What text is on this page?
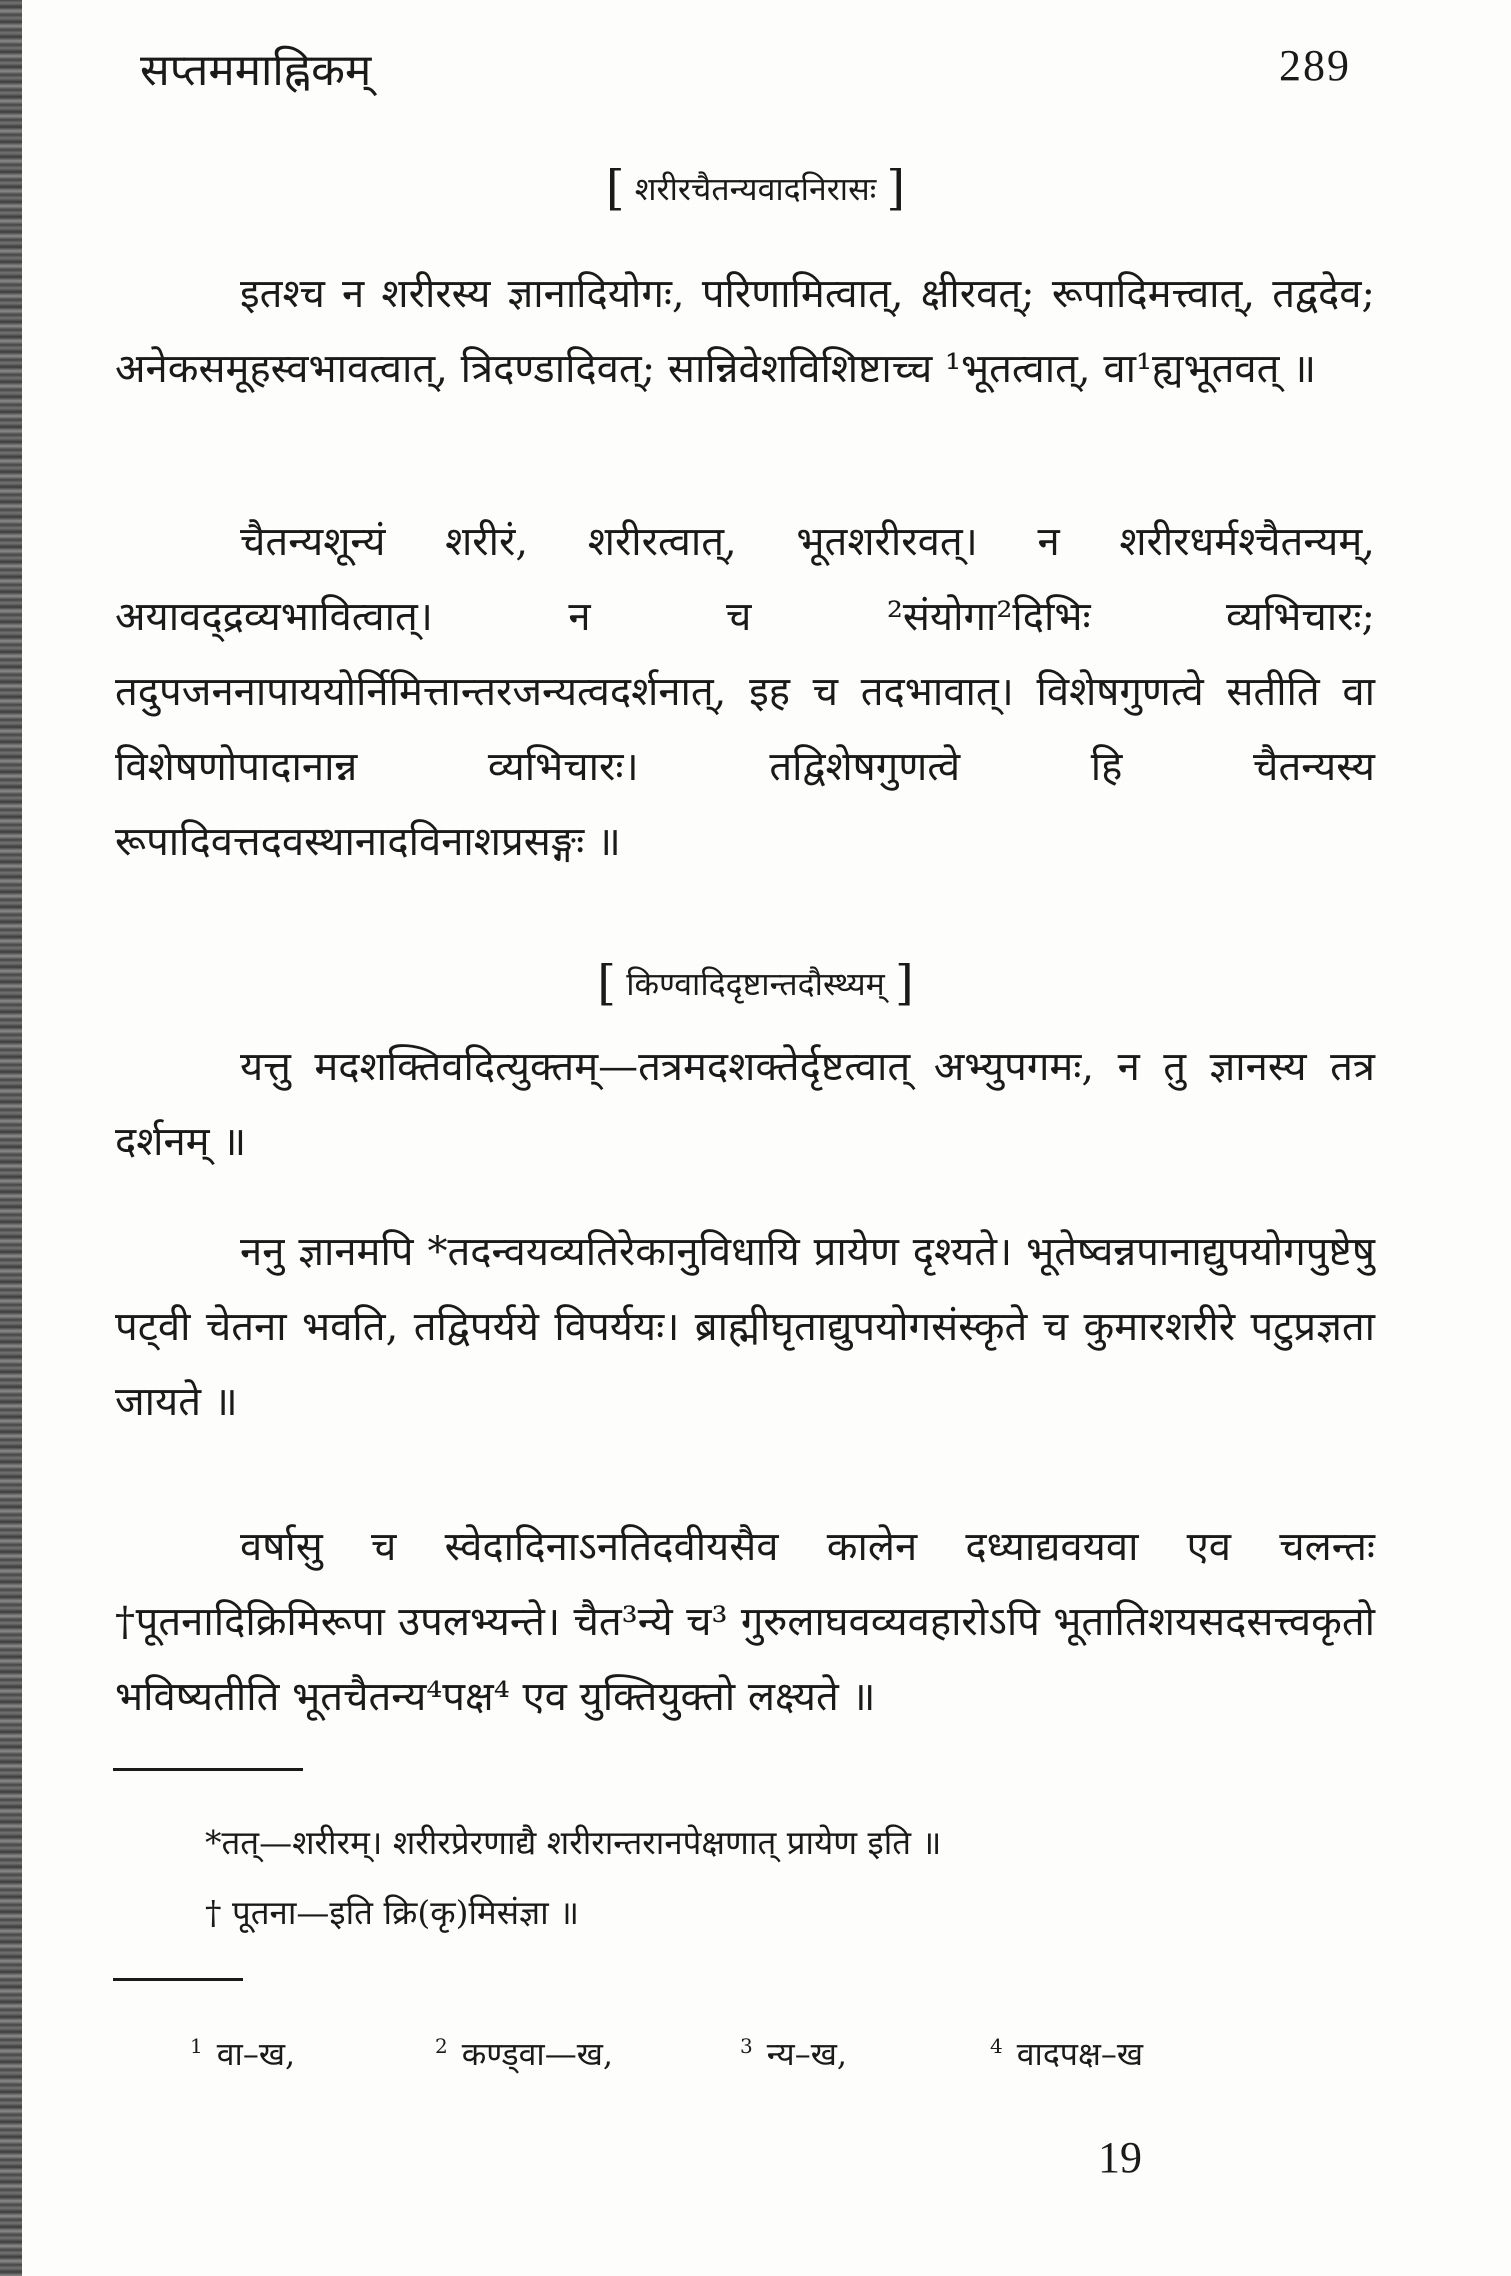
सप्तममाह्निकम्	289
[ शरीरचैतन्यवादनिरासः ]
इतश्च न शरीरस्य ज्ञानादियोगः, परिणामित्वात्, क्षीरवत्; रूपादिमत्त्वात्, तद्वदेव; अनेकसमूहस्वभावत्वात्, त्रिदण्डादिवत्; सान्निवेशविशिष्टाच्च ¹भूतत्वात्, वा¹ह्यभूतवत् ॥
चैतन्यशून्यं शरीरं, शरीरत्वात्, भूतशरीरवत्। न शरीरधर्मश्चैतन्यम्, अयावद्द्रव्यभावित्वात्। न च ²संयोगा²दिभिः व्यभिचारः; तदुपजननापाययोर्निमित्तान्तरजन्यत्वदर्शनात्, इह च तदभावात्। विशेषगुणत्वे सतीति वा विशेषणोपादानान्न व्यभिचारः। तद्विशेषगुणत्वे हि चैतन्यस्य रूपादिवत्तदवस्थानादविनाशप्रसङ्गः ॥
[ किण्वादिदृष्टान्तदौस्थ्यम् ]
यत्तु मदशक्तिवदित्युक्तम्—तत्रमदशक्तेर्दृष्टत्वात् अभ्युपगमः, न तु ज्ञानस्य तत्र दर्शनम् ॥
ननु ज्ञानमपि *तदन्वयव्यतिरेकानुविधायि प्रायेण दृश्यते। भूतेष्वन्नपानाद्युपयोगपुष्टेषु पट्वी चेतना भवति, तद्विपर्यये विपर्ययः। ब्राह्मीघृताद्युपयोगसंस्कृते च कुमारशरीरे पटुप्रज्ञता जायते ॥
वर्षासु च स्वेदादिनाऽनतिदवीयसैव कालेन दध्याद्यवयवा एव चलन्तः †पूतनादिक्रिमिरूपा उपलभ्यन्ते। चैत³न्ये च³ गुरुलाघवव्यवहारोऽपि भूतातिशयसदसत्त्वकृतो भविष्यतीति भूतचैतन्य⁴पक्ष⁴ एव युक्तियुक्तो लक्ष्यते ॥
*तत्—शरीरम्। शरीरप्रेरणाद्यै शरीरान्तरानपेक्षणात् प्रायेण इति ॥
† पूतना—इति क्रि(कृ)मिसंज्ञा ॥
$^1$ वा–ख,	$^2$ कण्ड्वा—ख,	$^3$ न्य–ख,	$^4$ वादपक्ष–ख
19
